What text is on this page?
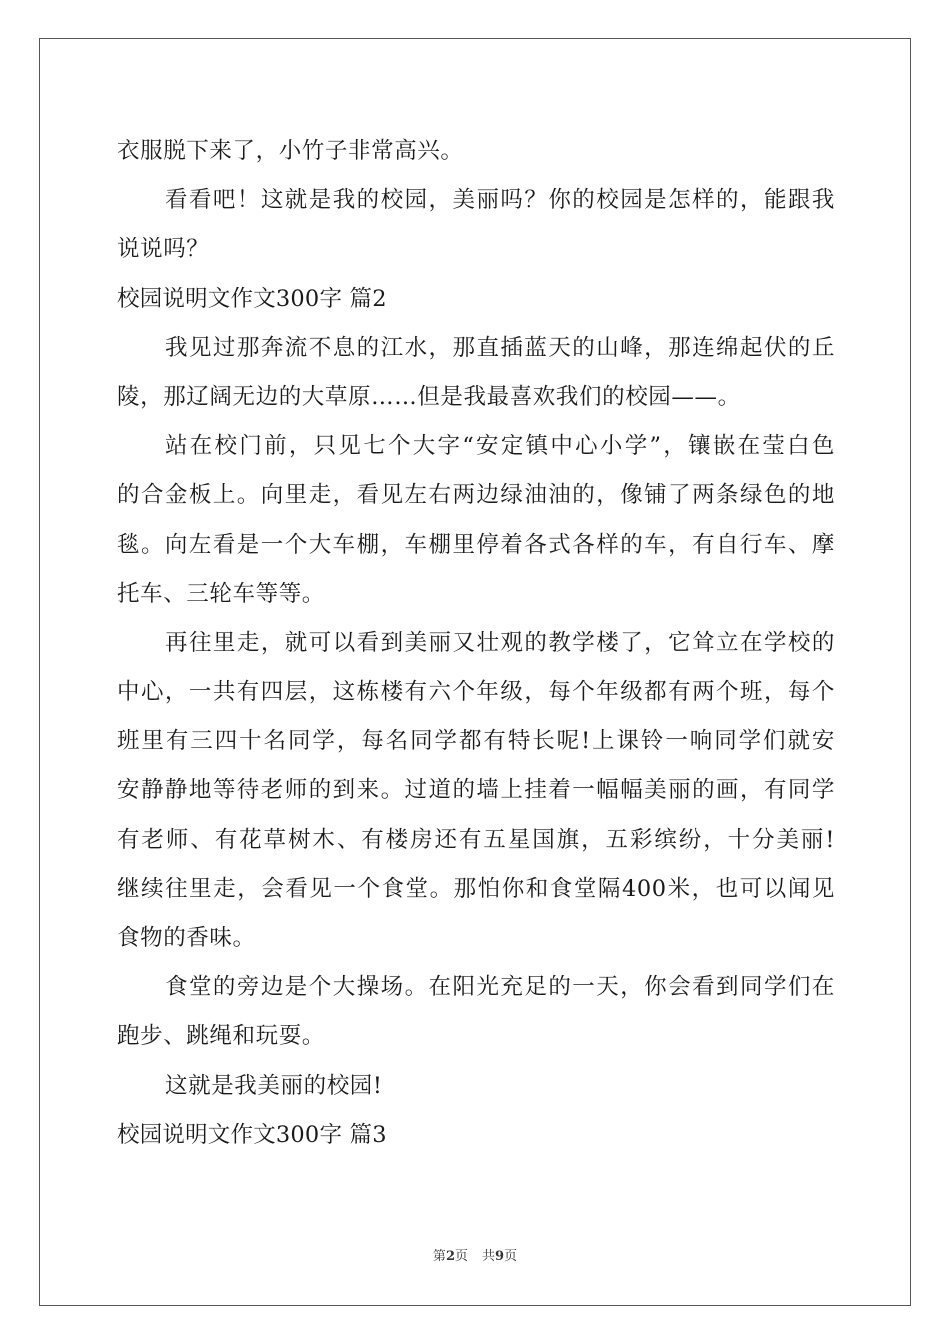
衣服脱下来了，小竹子非常高兴。
看看吧！这就是我的校园，美丽吗？你的校园是怎样的，能跟我
说说吗？
校园说明文作文300字 篇2
我见过那奔流不息的江水，那直插蓝天的山峰，那连绵起伏的丘
陵，那辽阔无边的大草原……但是我最喜欢我们的校园——。
站在校门前，只见七个大字“安定镇中心小学”，镶嵌在莹白色
的合金板上。向里走，看见左右两边绿油油的，像铺了两条绿色的地
毯。向左看是一个大车棚，车棚里停着各式各样的车，有自行车、摩
托车、三轮车等等。
再往里走，就可以看到美丽又壮观的教学楼了，它耸立在学校的
中心，一共有四层，这栋楼有六个年级，每个年级都有两个班，每个
班里有三四十名同学，每名同学都有特长呢!上课铃一响同学们就安
安静静地等待老师的到来。过道的墙上挂着一幅幅美丽的画，有同学
有老师、有花草树木、有楼房还有五星国旗，五彩缤纷，十分美丽!
继续往里走，会看见一个食堂。那怕你和食堂隔400米，也可以闻见
食物的香味。
食堂的旁边是个大操场。在阳光充足的一天，你会看到同学们在
跑步、跳绳和玩耍。
这就是我美丽的校园!
校园说明文作文300字 篇3
第2页 共9页
